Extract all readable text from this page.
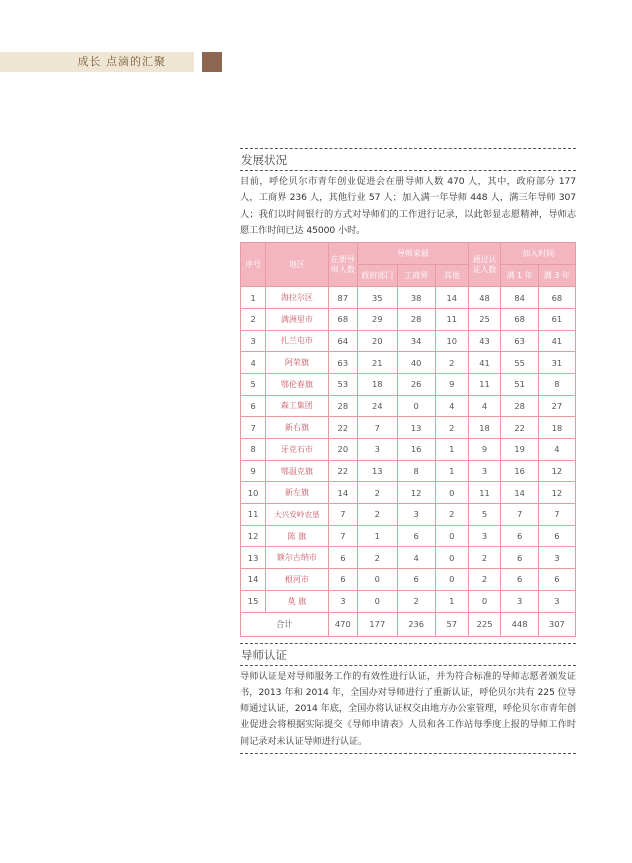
成长 点滴的汇聚
发展状况

目前，呼伦贝尔市青年创业促进会在册导师人数 470 人，其中，政府部分 177 人，工商界 236 人，其他行业 57 人；加入满一年导师 448 人，满三年导师 307 人；我们以时间银行的方式对导师们的工作进行记录，以此彰显志愿精神，导师志愿工作时间已达 45000 小时。

序号	地区	在册导师人数	导师来源			通过认证人数	加入时间	
			政府部门	工商界	其他		满 1 年	满 3 年
1	海拉尔区	87	35	38	14	48	84	68
2	满洲里市	68	29	28	11	25	68	61
3	扎兰屯市	64	20	34	10	43	63	41
4	阿荣旗	63	21	40	2	41	55	31
5	鄂伦春旗	53	18	26	9	11	51	8
6	森工集团	28	24	0	4	4	28	27
7	新右旗	22	7	13	2	18	22	18
8	牙克石市	20	3	16	1	9	19	4
9	鄂温克旗	22	13	8	1	3	16	12
10	新左旗	14	2	12	0	11	14	12
11	大兴安岭农垦	7	2	3	2	5	7	7
12	陈 旗	7	1	6	0	3	6	6
13	额尔古纳市	6	2	4	0	2	6	3
14	根河市	6	0	6	0	2	6	6
15	莫 旗	3	0	2	1	0	3	3
合计		470	177	236	57	225	448	307
导师认证

导师认证是对导师服务工作的有效性进行认证，并为符合标准的导师志愿者颁发证书，2013 年和 2014 年，全国办对导师进行了重新认证，呼伦贝尔共有 225 位导师通过认证，2014 年底，全国办将认证权交由地方办公室管理，呼伦贝尔市青年创业促进会将根据实际提交《导师申请表》人员和各工作站每季度上报的导师工作时间记录对未认证导师进行认证。
